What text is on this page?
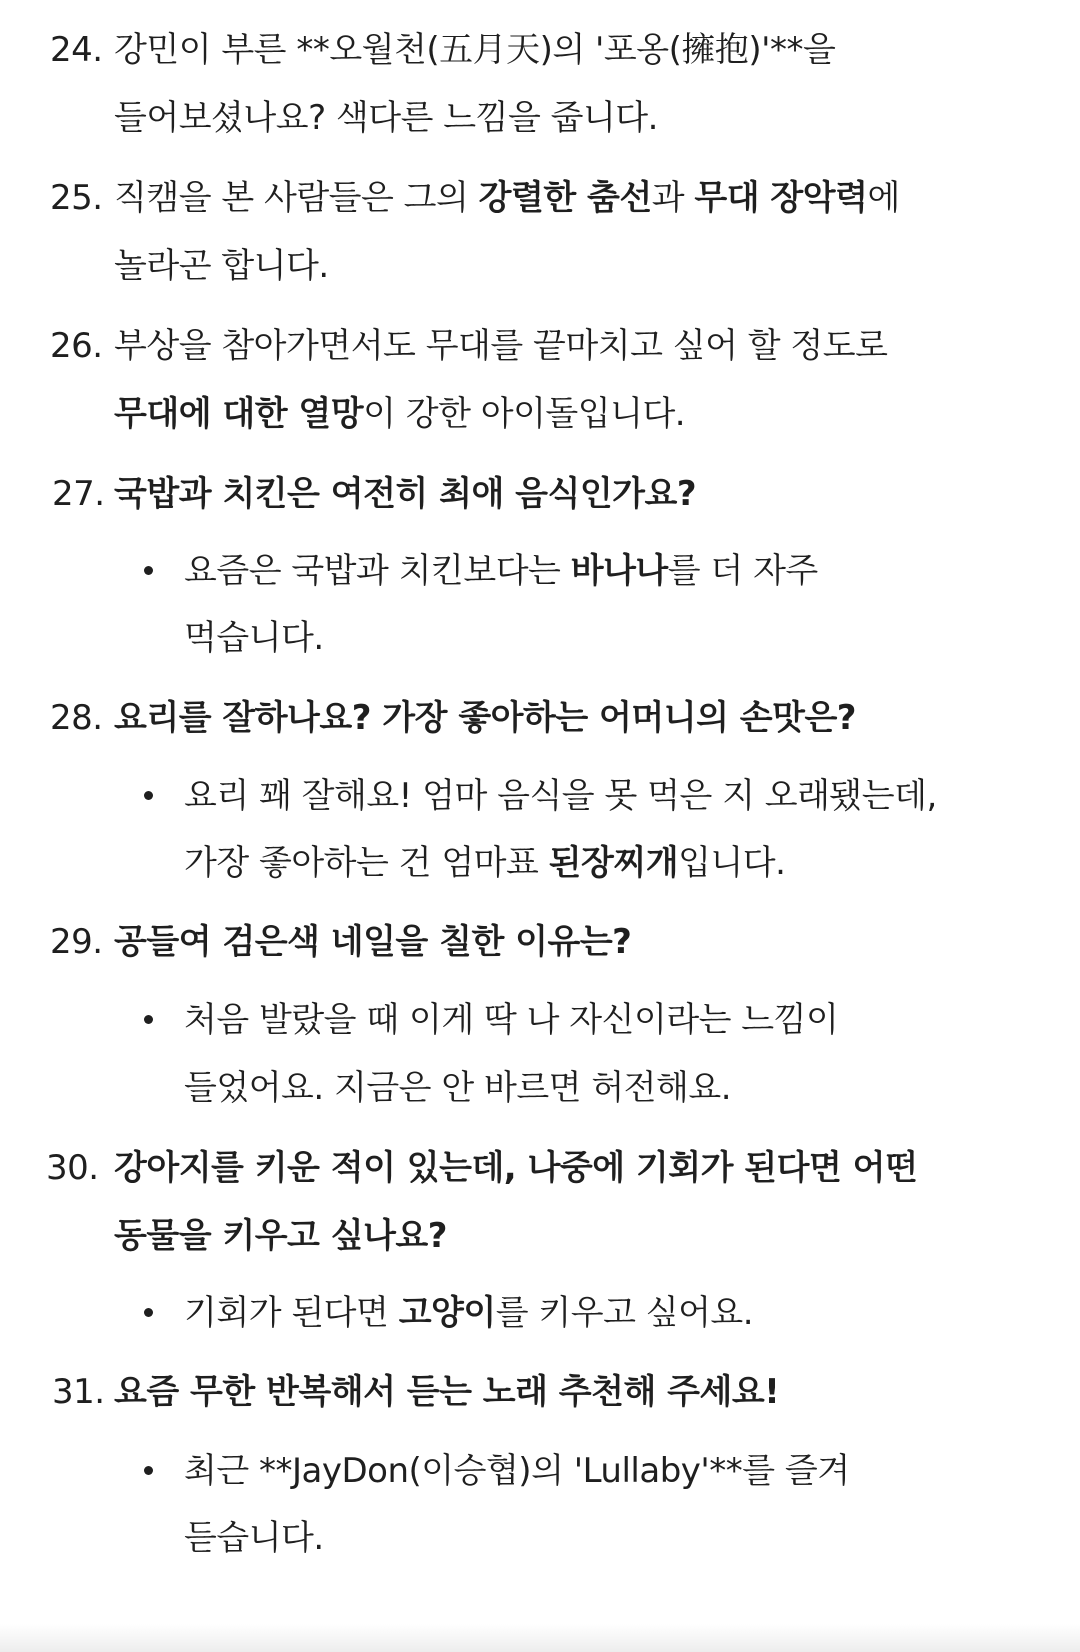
24. 강민이 부른 **오월천(五月天)의 '포옹(擁抱)'**을
들어보셨나요? 색다른 느낌을 줍니다.
25. 직캠을 본 사람들은 그의 강렬한 춤선과 무대 장악력에
놀라곤 합니다.
26. 부상을 참아가면서도 무대를 끝마치고 싶어 할 정도로
무대에 대한 열망이 강한 아이돌입니다.
27. 국밥과 치킨은 여전히 최애 음식인가요?
요즘은 국밥과 치킨보다는 바나나를 더 자주
먹습니다.
28. 요리를 잘하나요? 가장 좋아하는 어머니의 손맛은?
요리 꽤 잘해요! 엄마 음식을 못 먹은 지 오래됐는데,
가장 좋아하는 건 엄마표 된장찌개입니다.
29. 공들여 검은색 네일을 칠한 이유는?
처음 발랐을 때 이게 딱 나 자신이라는 느낌이
들었어요. 지금은 안 바르면 허전해요.
30. 강아지를 키운 적이 있는데, 나중에 기회가 된다면 어떤
동물을 키우고 싶나요?
기회가 된다면 고양이를 키우고 싶어요.
31. 요즘 무한 반복해서 듣는 노래 추천해 주세요!
최근 **JayDon(이승협)의 'Lullaby'**를 즐겨
듣습니다.
